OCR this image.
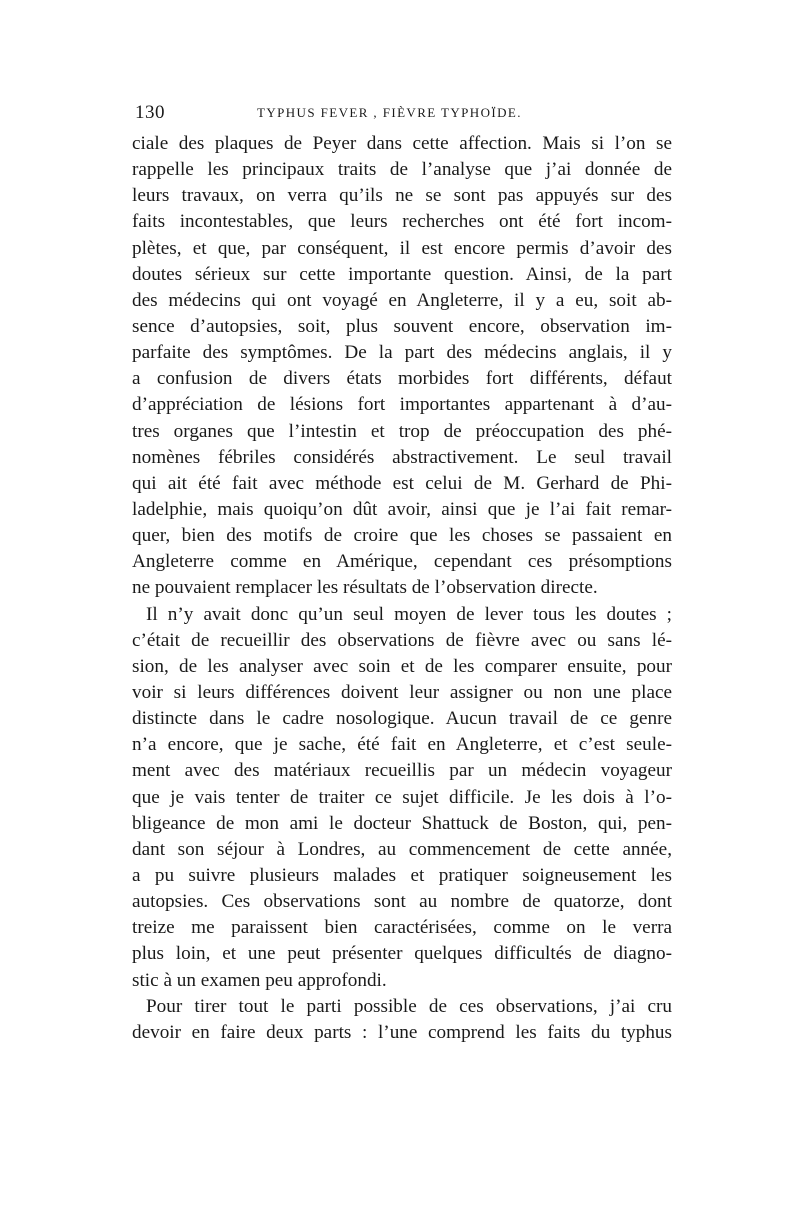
130	TYPHUS FEVER , FIÈVRE TYPHOÏDE.
ciale des plaques de Peyer dans cette affection. Mais si l’on se
rappelle les principaux traits de l’analyse que j’ai donnée de
leurs travaux, on verra qu’ils ne se sont pas appuyés sur des
faits incontestables, que leurs recherches ont été fort incom-
plètes, et que, par conséquent, il est encore permis d’avoir des
doutes sérieux sur cette importante question. Ainsi, de la part
des médecins qui ont voyagé en Angleterre, il y a eu, soit ab-
sence d’autopsies, soit, plus souvent encore, observation im-
parfaite des symptômes. De la part des médecins anglais, il y
a confusion de divers états morbides fort différents, défaut
d’appréciation de lésions fort importantes appartenant à d’au-
tres organes que l’intestin et trop de préoccupation des phé-
nomènes fébriles considérés abstractivement. Le seul travail
qui ait été fait avec méthode est celui de M. Gerhard de Phi-
ladelphie, mais quoiqu’on dût avoir, ainsi que je l’ai fait remar-
quer, bien des motifs de croire que les choses se passaient en
Angleterre comme en Amérique, cependant ces présomptions
ne pouvaient remplacer les résultats de l’observation directe.
Il n’y avait donc qu’un seul moyen de lever tous les doutes ;
c’était de recueillir des observations de fièvre avec ou sans lé-
sion, de les analyser avec soin et de les comparer ensuite, pour
voir si leurs différences doivent leur assigner ou non une place
distincte dans le cadre nosologique. Aucun travail de ce genre
n’a encore, que je sache, été fait en Angleterre, et c’est seule-
ment avec des matériaux recueillis par un médecin voyageur
que je vais tenter de traiter ce sujet difficile. Je les dois à l’o-
bligeance de mon ami le docteur Shattuck de Boston, qui, pen-
dant son séjour à Londres, au commencement de cette année,
a pu suivre plusieurs malades et pratiquer soigneusement les
autopsies. Ces observations sont au nombre de quatorze, dont
treize me paraissent bien caractérisées, comme on le verra
plus loin, et une peut présenter quelques difficultés de diagno-
stic à un examen peu approfondi.
Pour tirer tout le parti possible de ces observations, j’ai cru
devoir en faire deux parts : l’une comprend les faits du typhus
